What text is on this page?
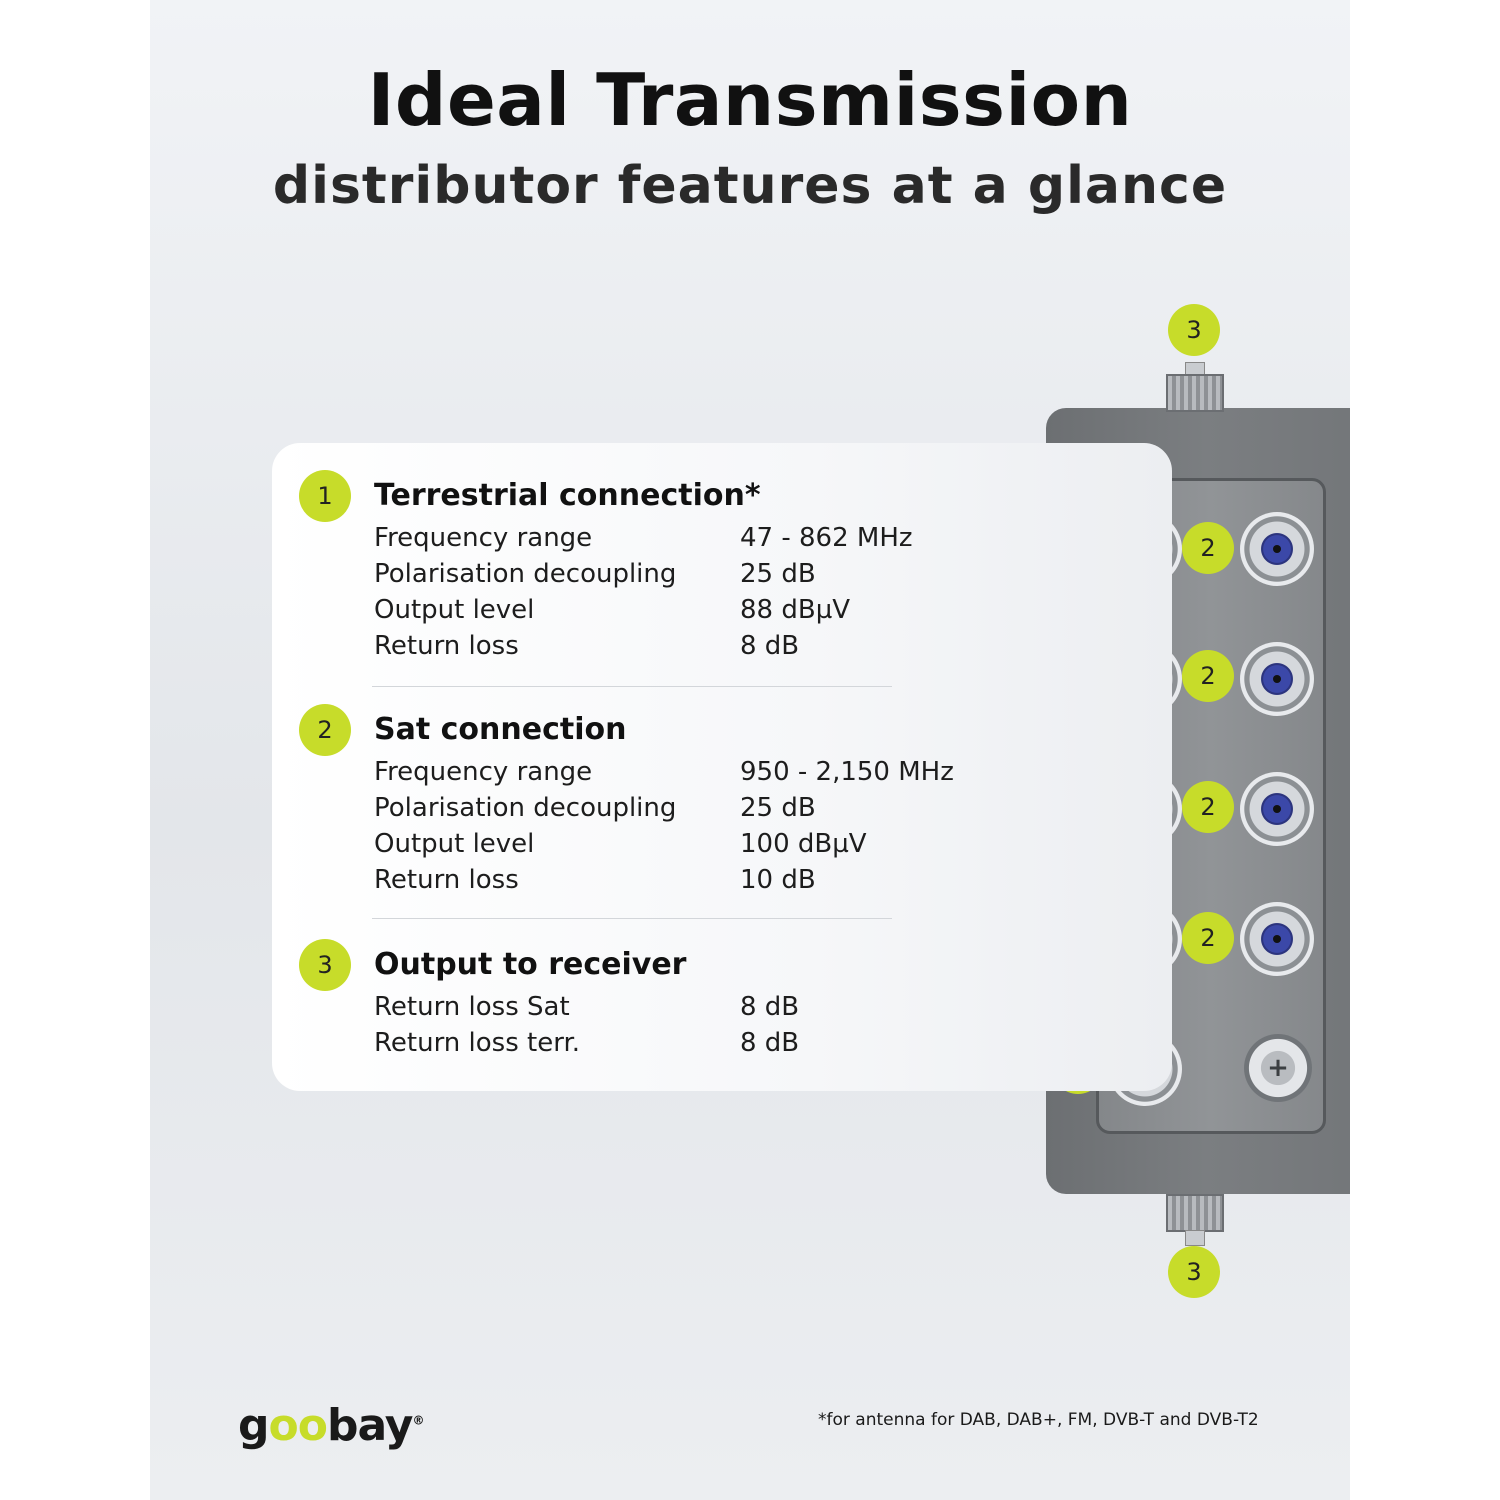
Ideal Transmission
distributor features at a glance
+
3
2
2
2
2
3
1	Terrestrial connection*
Frequency range	47 - 862 MHz
Polarisation decoupling 25 dB
Output level	88 dBµV
Return loss	8 dB
2	Sat connection
Frequency range	950 - 2,150 MHz
Polarisation decoupling 25 dB
Output level	100 dBµV
Return loss	10 dB
3	Output to receiver
Return loss Sat	8 dB
Return loss terr.	8 dB
goobay®	*for antenna for DAB, DAB+, FM, DVB-T and DVB-T2
